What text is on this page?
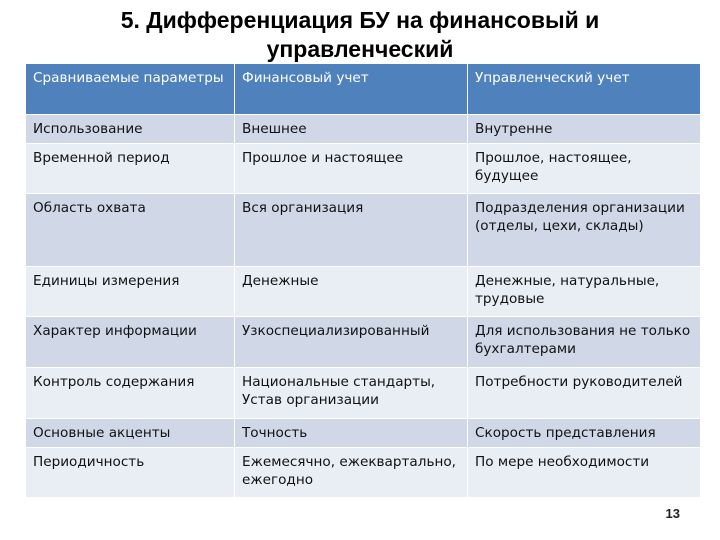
5. Дифференциация БУ на финансовый и управленческий
Сравниваемые параметры	Финансовый учет	Управленческий учет
Использование	Внешнее	Внутренне
Временной период	Прошлое и настоящее	Прошлое, настоящее, будущее
Область охвата	Вся организация	Подразделения организации (отделы, цехи, склады)
Единицы измерения	Денежные	Денежные, натуральные, трудовые
Характер информации	Узкоспециализированный	Для использования не только бухгалтерами
Контроль содержания	Национальные стандарты, Устав организации	Потребности руководителей
Основные акценты	Точность	Скорость представления
Периодичность	Ежемесячно, ежеквартально, ежегодно	По мере необходимости
13
